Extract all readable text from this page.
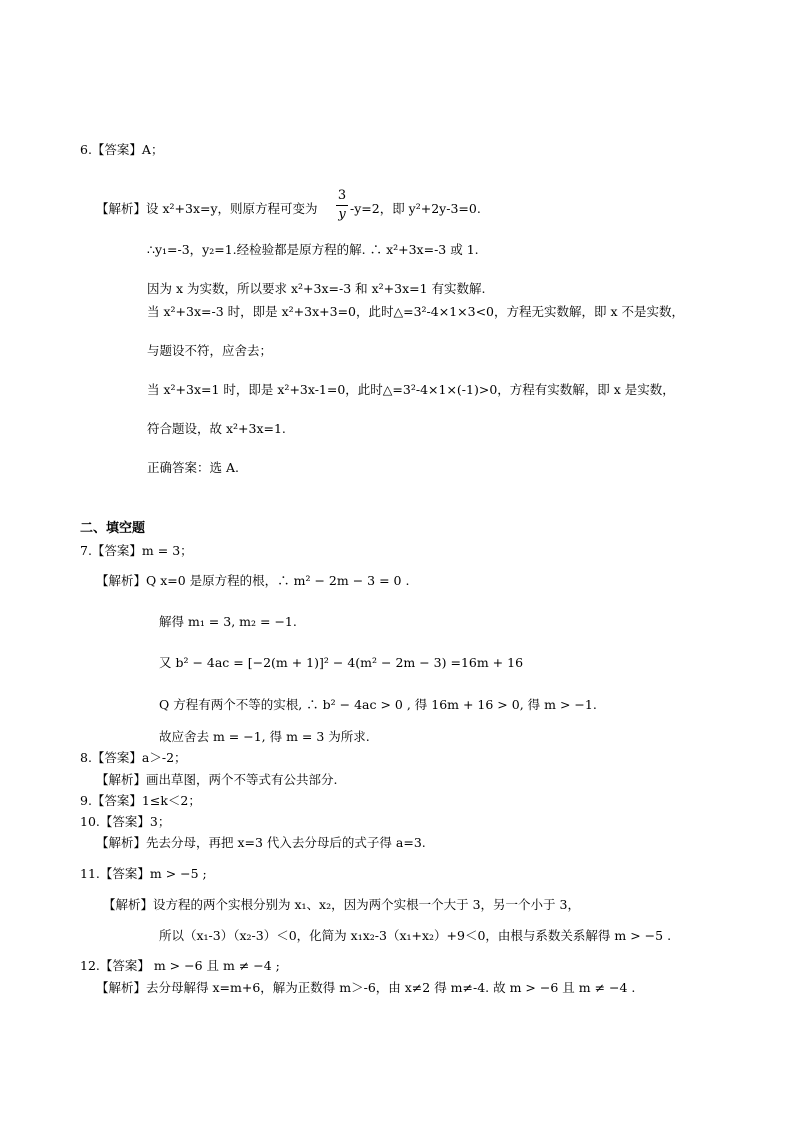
6.【答案】A；
【解析】设 x²+3x=y，则原方程可变为
3
y -y=2，即 y²+2y-3=0.
∴y₁=-3，y₂=1.经检验都是原方程的解. ∴ x²+3x=-3 或 1.
因为 x 为实数，所以要求 x²+3x=-3 和 x²+3x=1 有实数解.
当 x²+3x=-3 时，即是 x²+3x+3=0，此时△=3²-4×1×3<0，方程无实数解，即 x 不是实数，
与题设不符，应舍去；
当 x²+3x=1 时，即是 x²+3x-1=0，此时△=3²-4×1×(-1)>0，方程有实数解，即 x 是实数，
符合题设，故 x²+3x=1.
正确答案：选 A.
二、填空题
7.【答案】m = 3；
【解析】Q x=0 是原方程的根，∴ m² − 2m − 3 = 0 .
解得 m₁ = 3, m₂ = −1.
又 b² − 4ac = [−2(m + 1)]² − 4(m² − 2m − 3) =16m + 16
Q 方程有两个不等的实根, ∴ b² − 4ac > 0 , 得 16m + 16 > 0, 得 m > −1.
故应舍去 m = −1, 得 m = 3 为所求.
8.【答案】a＞-2；
【解析】画出草图，两个不等式有公共部分.
9.【答案】1≤k＜2；
10.【答案】3；
【解析】先去分母，再把 x=3 代入去分母后的式子得 a=3.
11.【答案】m > −5 ;
【解析】设方程的两个实根分别为 x₁、x₂，因为两个实根一个大于 3，另一个小于 3，
所以（x₁-3）（x₂-3）＜0，化简为 x₁x₂-3（x₁+x₂）+9＜0，由根与系数关系解得 m > −5 .
12.【答案】 m > −6 且 m ≠ −4 ;
【解析】去分母解得 x=m+6，解为正数得 m＞-6，由 x≠2 得 m≠-4. 故 m > −6 且 m ≠ −4 .
